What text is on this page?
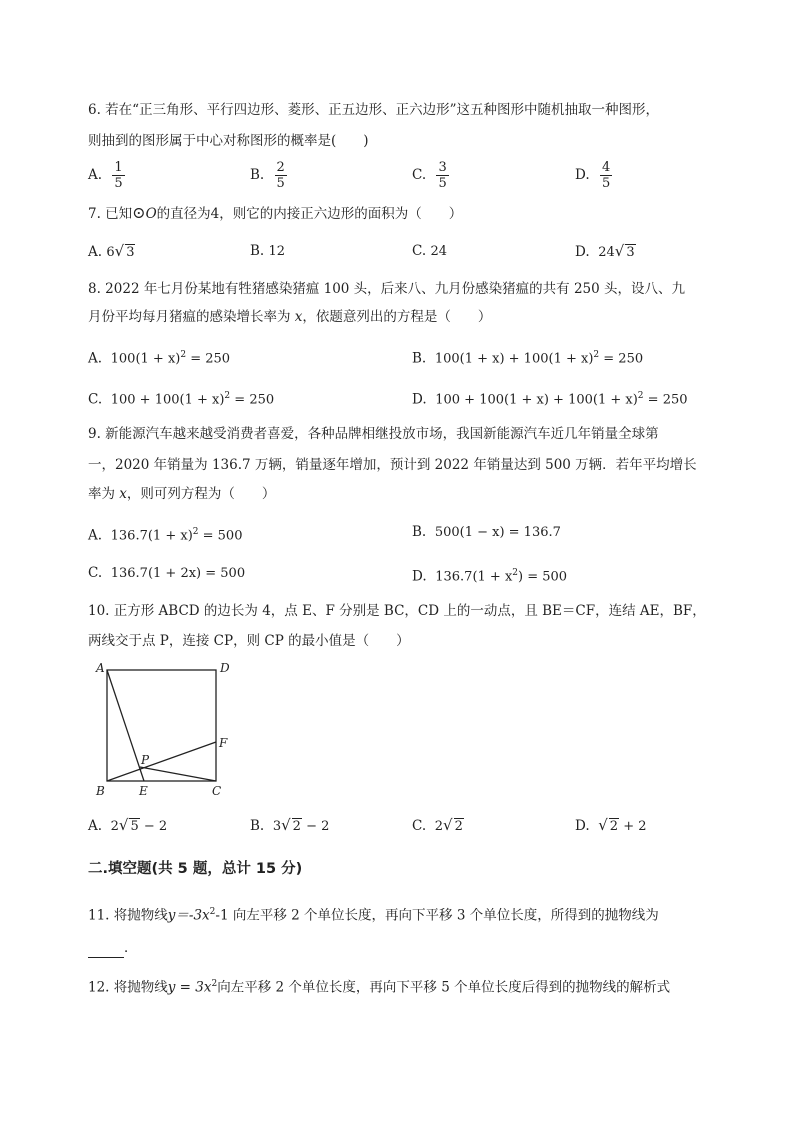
6. 若在“正三角形、平行四边形、菱形、正五边形、正六边形”这五种图形中随机抽取一种图形，
则抽到的图形属于中心对称图形的概率是(　　)
A. $\frac{1}{5}$	B. $\frac{2}{5}$	C. $\frac{3}{5}$	D. $\frac{4}{5}$
7. 已知⊙O的直径为4，则它的内接正六边形的面积为（　　）
A. 6√ 3	B. 12	C. 24	D. 24√ 3
8. 2022 年七月份某地有牲猪感染猪瘟 100 头，后来八、九月份感染猪瘟的共有 250 头，设八、九
月份平均每月猪瘟的感染增长率为 x，依题意列出的方程是（　　）
A. $100(1 + x)^2 = 250$	B. $100(1 + x) + 100(1 + x)^2 = 250$
C. $100 + 100(1 + x)^2 = 250$	D. $100 + 100(1 + x) + 100(1 + x)^2 = 250$
9. 新能源汽车越来越受消费者喜爱，各种品牌相继投放市场，我国新能源汽车近几年销量全球第
一，2020 年销量为 136.7 万辆，销量逐年增加，预计到 2022 年销量达到 500 万辆．若年平均增长
率为 x，则可列方程为（　　）
A. $136.7(1 + x)^2 = 500$	B. 500(1 − x) = 136.7
C. 136.7(1 + 2x) = 500	D. $136.7(1 + x^2) = 500$
10. 正方形 ABCD 的边长为 4，点 E、F 分别是 BC，CD 上的一动点，且 BE＝CF，连结 AE，BF，
两线交于点 P，连接 CP，则 CP 的最小值是（　　）
A	D
F
P
B	E	C
A. 2√ 5 − 2	B. 3√ 2 − 2	C. 2√ 2	D. √ 2 + 2
二.填空题(共 5 题，总计 15 分)
11. 将抛物线$y=-3x^2-1$ 向左平移 2 个单位长度，再向下平移 3 个单位长度，所得到的抛物线为
．
12. 将抛物线$y = 3x^2$向左平移 2 个单位长度，再向下平移 5 个单位长度后得到的抛物线的解析式
